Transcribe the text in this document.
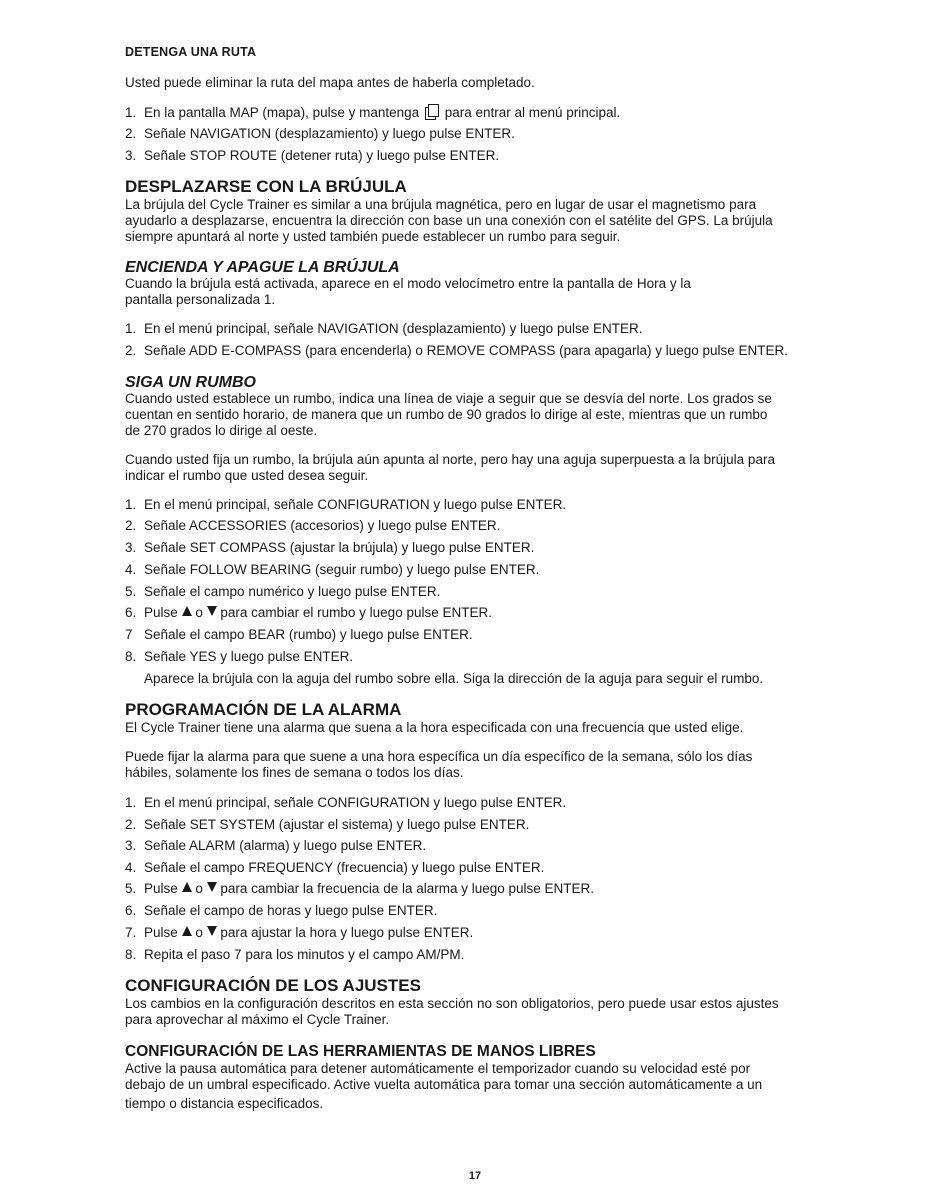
DETENGA UNA RUTA
Usted puede eliminar la ruta del mapa antes de haberla completado.
1. En la pantalla MAP (mapa), pulse y mantenga para entrar al menú principal.
2. Señale NAVIGATION (desplazamiento) y luego pulse ENTER.
3. Señale STOP ROUTE (detener ruta) y luego pulse ENTER.
DESPLAZARSE CON LA BRÚJULA
La brújula del Cycle Trainer es similar a una brújula magnética, pero en lugar de usar el magnetismo para
ayudarlo a desplazarse, encuentra la dirección con base un una conexión con el satélite del GPS. La brújula
siempre apuntará al norte y usted también puede establecer un rumbo para seguir.
ENCIENDA Y APAGUE LA BRÚJULA
Cuando la brújula está activada, aparece en el modo velocímetro entre la pantalla de Hora y la
pantalla personalizada 1.
1. En el menú principal, señale NAVIGATION (desplazamiento) y luego pulse ENTER.
2. Señale ADD E-COMPASS (para encenderla) o REMOVE COMPASS (para apagarla) y luego pulse ENTER.
SIGA UN RUMBO
Cuando usted establece un rumbo, indica una línea de viaje a seguir que se desvía del norte. Los grados se
cuentan en sentido horario, de manera que un rumbo de 90 grados lo dirige al este, mientras que un rumbo
de 270 grados lo dirige al oeste.
Cuando usted fija un rumbo, la brújula aún apunta al norte, pero hay una aguja superpuesta a la brújula para
indicar el rumbo que usted desea seguir.
1. En el menú principal, señale CONFIGURATION y luego pulse ENTER.
2. Señale ACCESSORIES (accesorios) y luego pulse ENTER.
3. Señale SET COMPASS (ajustar la brújula) y luego pulse ENTER.
4. Señale FOLLOW BEARING (seguir rumbo) y luego pulse ENTER.
5. Señale el campo numérico y luego pulse ENTER.
6. Pulse o para cambiar el rumbo y luego pulse ENTER.
7 Señale el campo BEAR (rumbo) y luego pulse ENTER.
8. Señale YES y luego pulse ENTER.
Aparece la brújula con la aguja del rumbo sobre ella. Siga la dirección de la aguja para seguir el rumbo.
PROGRAMACIÓN DE LA ALARMA
El Cycle Trainer tiene una alarma que suena a la hora especificada con una frecuencia que usted elige.
Puede fijar la alarma para que suene a una hora específica un día específico de la semana, sólo los días
hábiles, solamente los fines de semana o todos los días.
1. En el menú principal, señale CONFIGURATION y luego pulse ENTER.
2. Señale SET SYSTEM (ajustar el sistema) y luego pulse ENTER.
3. Señale ALARM (alarma) y luego pulse ENTER.
4. Señale el campo FREQUENCY (frecuencia) y luego pulse ENTER.
5. Pulse o para cambiar la frecuencia de la alarma y luego pulse ENTER.
6. Señale el campo de horas y luego pulse ENTER.
7. Pulse o para ajustar la hora y luego pulse ENTER.
8. Repita el paso 7 para los minutos y el campo AM/PM.
CONFIGURACIÓN DE LOS AJUSTES
Los cambios en la configuración descritos en esta sección no son obligatorios, pero puede usar estos ajustes
para aprovechar al máximo el Cycle Trainer.
CONFIGURACIÓN DE LAS HERRAMIENTAS DE MANOS LIBRES
Active la pausa automática para detener automáticamente el temporizador cuando su velocidad esté por
debajo de un umbral especificado. Active vuelta automática para tomar una sección automáticamente a un
tiempo o distancia especificados.
17
